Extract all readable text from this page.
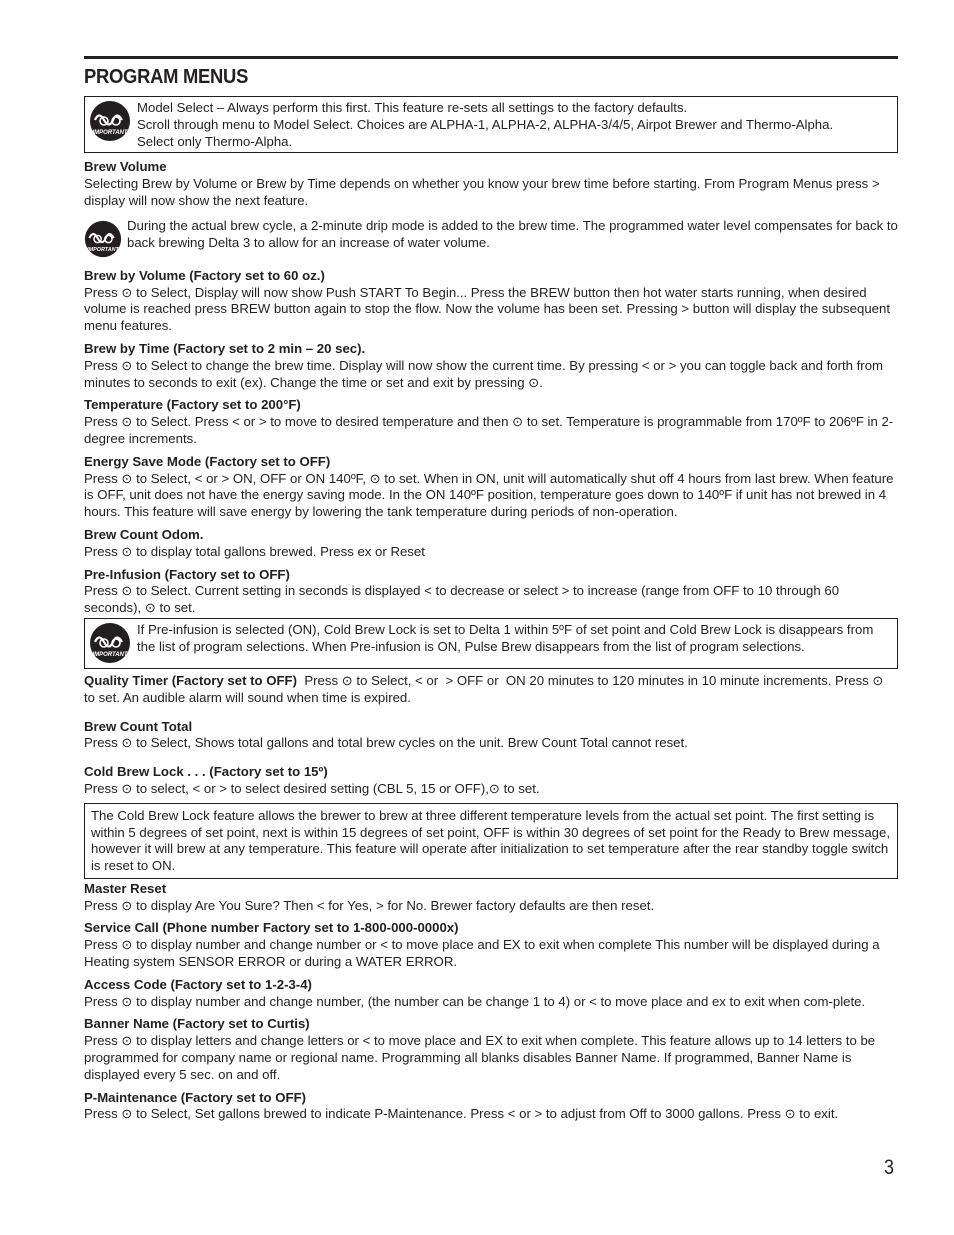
PROGRAM MENUS
IMPORTANT
Model Select – Always perform this first. This feature re-sets all settings to the factory defaults.
Scroll through menu to Model Select. Choices are ALPHA-1, ALPHA-2, ALPHA-3/4/5, Airpot Brewer and Thermo-Alpha.
Select only Thermo-Alpha.
Brew Volume
Selecting Brew by Volume or Brew by Time depends on whether you know your brew time before starting. From Program Menus press > display will now show the next feature.
IMPORTANT
During the actual brew cycle, a 2-minute drip mode is added to the brew time. The programmed water level compensates for back to back brewing Delta 3 to allow for an increase of water volume.
Brew by Volume (Factory set to 60 oz.)
Press ⊙ to Select, Display will now show Push START To Begin... Press the BREW button then hot water starts running, when desired volume is reached press BREW button again to stop the flow. Now the volume has been set. Pressing > button will display the subsequent menu features.
Brew by Time (Factory set to 2 min – 20 sec).
Press ⊙ to Select to change the brew time. Display will now show the current time. By pressing < or > you can toggle back and forth from minutes to seconds to exit (ex). Change the time or set and exit by pressing ⊙.
Temperature (Factory set to 200°F)
Press ⊙ to Select. Press < or > to move to desired temperature and then ⊙ to set. Temperature is programmable from 170ºF to 206ºF in 2-degree increments.
Energy Save Mode (Factory set to OFF)
Press ⊙ to Select, < or > ON, OFF or ON 140ºF, ⊙ to set. When in ON, unit will automatically shut off 4 hours from last brew. When feature is OFF, unit does not have the energy saving mode. In the ON 140ºF position, temperature goes down to 140ºF if unit has not brewed in 4 hours. This feature will save energy by lowering the tank temperature during periods of non-operation.
Brew Count Odom.
Press ⊙ to display total gallons brewed. Press ex or Reset
Pre-Infusion (Factory set to OFF)
Press ⊙ to Select. Current setting in seconds is displayed < to decrease or select > to increase (range from OFF to 10 through 60 seconds), ⊙ to set.
IMPORTANT
If Pre-infusion is selected (ON), Cold Brew Lock is set to Delta 1 within 5ºF of set point and Cold Brew Lock is disappears from the list of program selections. When Pre-infusion is ON, Pulse Brew disappears from the list of program selections.
Quality Timer (Factory set to OFF)  Press ⊙ to Select, < or  > OFF or  ON 20 minutes to 120 minutes in 10 minute increments. Press ⊙ to set. An audible alarm will sound when time is expired.
Brew Count Total
Press ⊙ to Select, Shows total gallons and total brew cycles on the unit. Brew Count Total cannot reset.
Cold Brew Lock . . . (Factory set to 15º)
Press ⊙ to select, < or > to select desired setting (CBL 5, 15 or OFF),⊙ to set.
The Cold Brew Lock feature allows the brewer to brew at three different temperature levels from the actual set point. The first setting is within 5 degrees of set point, next is within 15 degrees of set point, OFF is within 30 degrees of set point for the Ready to Brew message, however it will brew at any temperature. This feature will operate after initialization to set temperature after the rear standby toggle switch is reset to ON.
Master Reset
Press ⊙ to display Are You Sure? Then < for Yes, > for No. Brewer factory defaults are then reset.
Service Call (Phone number Factory set to 1-800-000-0000x)
Press ⊙ to display number and change number or < to move place and EX to exit when complete This number will be displayed during a Heating system SENSOR ERROR or during a WATER ERROR.
Access Code (Factory set to 1-2-3-4)
Press ⊙ to display number and change number, (the number can be change 1 to 4) or < to move place and ex to exit when com-plete.
Banner Name (Factory set to Curtis)
Press ⊙ to display letters and change letters or < to move place and EX to exit when complete. This feature allows up to 14 letters to be programmed for company name or regional name. Programming all blanks disables Banner Name. If programmed, Banner Name is displayed every 5 sec. on and off.
P-Maintenance (Factory set to OFF)
Press ⊙ to Select, Set gallons brewed to indicate P-Maintenance. Press < or > to adjust from Off to 3000 gallons. Press ⊙ to exit.
3
